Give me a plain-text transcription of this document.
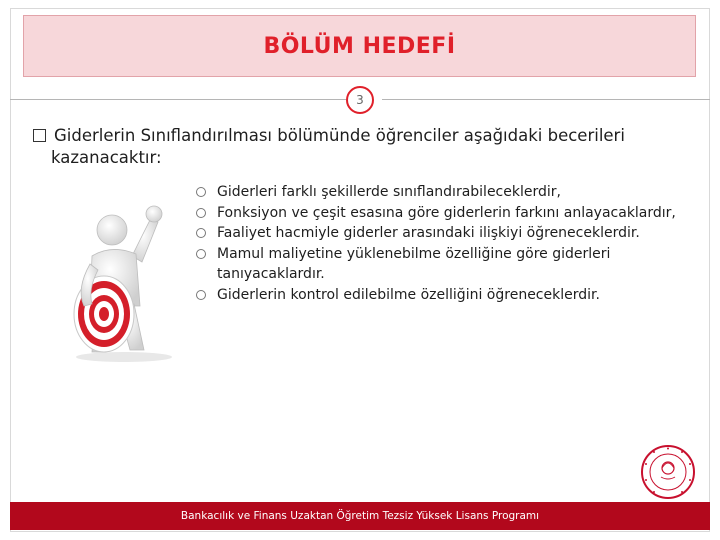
BÖLÜM HEDEFİ
3
Giderlerin Sınıflandırılması bölümünde öğrenciler aşağıdaki becerileri
kazanacaktır:
Giderleri farklı şekillerde sınıflandırabileceklerdir,
Fonksiyon ve çeşit esasına göre giderlerin farkını anlayacaklardır,
Faaliyet hacmiyle giderler arasındaki ilişkiyi öğreneceklerdir.
Mamul maliyetine yüklenebilme özelliğine göre giderleri tanıyacaklardır.
Giderlerin kontrol edilebilme özelliğini öğreneceklerdir.
Bankacılık ve Finans Uzaktan Öğretim Tezsiz Yüksek Lisans Programı
